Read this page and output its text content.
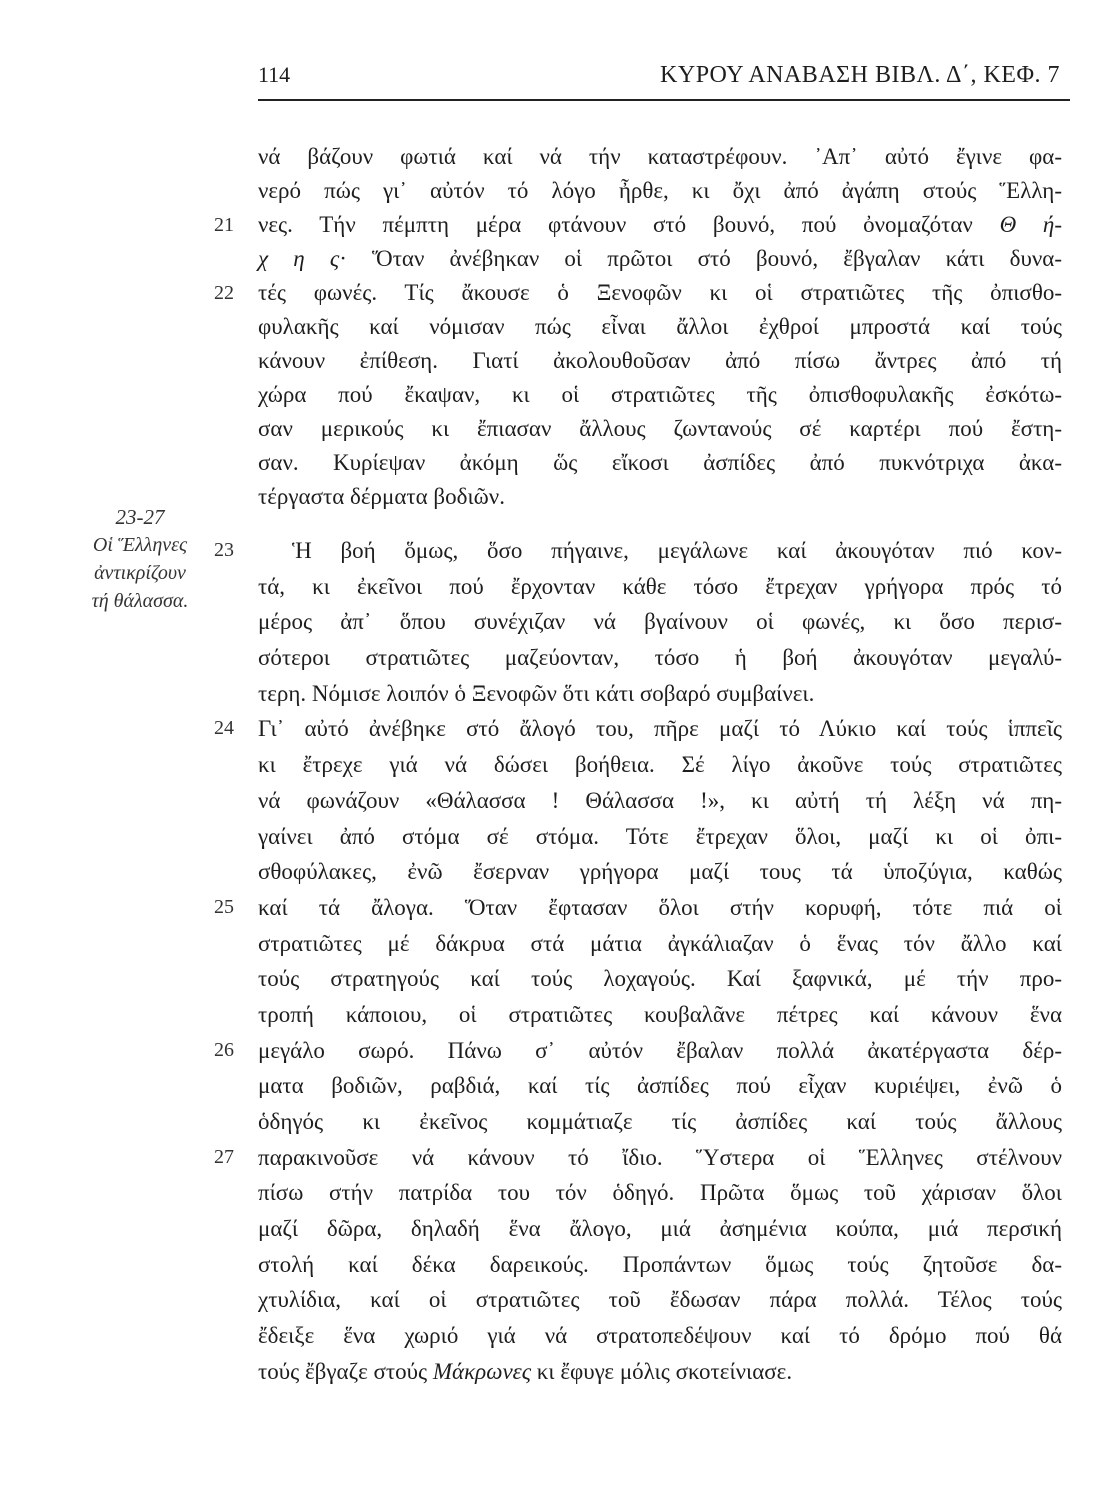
114	ΚΥΡΟΥ ΑΝΑΒΑΣΗ ΒΙΒΛ. Δ΄, ΚΕΦ. 7
23-27
Οἱ Ἕλληνες
ἀντικρίζουν
τή θάλασσα.
νά βάζουν φωτιά καί νά τήν καταστρέφουν. ᾿Απ᾿ αὐτό ἔγινε φα-
νερό πώς γι᾿ αὐτόν τό λόγο ἦρθε, κι ὄχι ἀπό ἀγάπη στούς Ἕλλη-
21 νες. Τήν πέμπτη μέρα φτάνουν στό βουνό, πού ὀνομαζόταν Θ ή-
χ η ς· Ὅταν ἀνέβηκαν οἱ πρῶτοι στό βουνό, ἔβγαλαν κάτι δυνα-
22 τές φωνές. Τίς ἄκουσε ὁ Ξενοφῶν κι οἱ στρατιῶτες τῆς ὀπισθο-
φυλακῆς καί νόμισαν πώς εἶναι ἄλλοι ἐχθροί μπροστά καί τούς
κάνουν ἐπίθεση. Γιατί ἀκολουθοῦσαν ἀπό πίσω ἄντρες ἀπό τή
χώρα πού ἔκαψαν, κι οἱ στρατιῶτες τῆς ὀπισθοφυλακῆς ἐσκότω-
σαν μερικούς κι ἔπιασαν ἄλλους ζωντανούς σέ καρτέρι πού ἔστη-
σαν. Κυρίεψαν ἀκόμη ὥς εἴκοσι ἀσπίδες ἀπό πυκνότριχα ἀκα-
τέργαστα δέρματα βοδιῶν.
23	Ἡ βοή ὅμως, ὅσο πήγαινε, μεγάλωνε καί ἀκουγόταν πιό κον-
τά, κι ἐκεῖνοι πού ἔρχονταν κάθε τόσο ἔτρεχαν γρήγορα πρός τό
μέρος ἀπ᾿ ὅπου συνέχιζαν νά βγαίνουν οἱ φωνές, κι ὅσο περισ-
σότεροι στρατιῶτες μαζεύονταν, τόσο ἡ βοή ἀκουγόταν μεγαλύ-
τερη. Νόμισε λοιπόν ὁ Ξενοφῶν ὅτι κάτι σοβαρό συμβαίνει.
24 Γι᾿ αὐτό ἀνέβηκε στό ἄλογό του, πῆρε μαζί τό Λύκιο καί τούς ἱππεῖς
κι ἔτρεχε γιά νά δώσει βοήθεια. Σέ λίγο ἀκοῦνε τούς στρατιῶτες
νά φωνάζουν «Θάλασσα ! Θάλασσα !», κι αὐτή τή λέξη νά πη-
γαίνει ἀπό στόμα σέ στόμα. Τότε ἔτρεχαν ὅλοι, μαζί κι οἱ ὀπι-
σθοφύλακες, ἐνῶ ἔσερναν γρήγορα μαζί τους τά ὑποζύγια, καθώς
25 καί τά ἄλογα. Ὅταν ἔφτασαν ὅλοι στήν κορυφή, τότε πιά οἱ
στρατιῶτες μέ δάκρυα στά μάτια ἀγκάλιαζαν ὁ ἕνας τόν ἄλλο καί
τούς στρατηγούς καί τούς λοχαγούς. Καί ξαφνικά, μέ τήν προ-
τροπή κάποιου, οἱ στρατιῶτες κουβαλᾶνε πέτρες καί κάνουν ἕνα
26 μεγάλο σωρό. Πάνω σ᾿ αὐτόν ἔβαλαν πολλά ἀκατέργαστα δέρ-
ματα βοδιῶν, ραβδιά, καί τίς ἀσπίδες πού εἶχαν κυριέψει, ἐνῶ ὁ
ὁδηγός κι ἐκεῖνος κομμάτιαζε τίς ἀσπίδες καί τούς ἄλλους
27 παρακινοῦσε νά κάνουν τό ἴδιο. Ὕστερα οἱ Ἕλληνες στέλνουν
πίσω στήν πατρίδα του τόν ὁδηγό. Πρῶτα ὅμως τοῦ χάρισαν ὅλοι
μαζί δῶρα, δηλαδή ἕνα ἄλογο, μιά ἀσημένια κούπα, μιά περσική
στολή καί δέκα δαρεικούς. Προπάντων ὅμως τούς ζητοῦσε δα-
χτυλίδια, καί οἱ στρατιῶτες τοῦ ἔδωσαν πάρα πολλά. Τέλος τούς
ἔδειξε ἕνα χωριό γιά νά στρατοπεδέψουν καί τό δρόμο πού θά
τούς ἔβγαζε στούς Μάκρωνες κι ἔφυγε μόλις σκοτείνιασε.
